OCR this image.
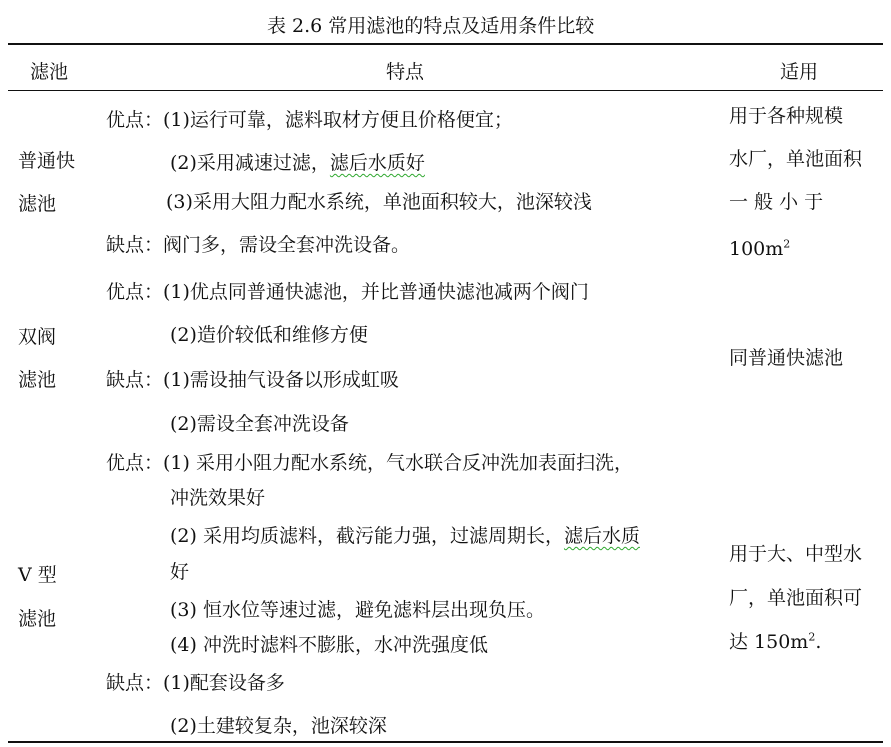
表 2.6 常用滤池的特点及适用条件比较
滤池	特点	适用
普通快
滤池
优点：(1)运行可靠，滤料取材方便且价格便宜；
(2)采用减速过滤，滤后水质好
(3)采用大阻力配水系统，单池面积较大，池深较浅
缺点：阀门多，需设全套冲洗设备。
用于各种规模
水厂，单池面积
一 般 小 于
$100m^2$
双阀
滤池
优点：(1)优点同普通快滤池，并比普通快滤池减两个阀门
(2)造价较低和维修方便
缺点：(1)需设抽气设备以形成虹吸
(2)需设全套冲洗设备
同普通快滤池
V 型
滤池
优点：(1) 采用小阻力配水系统，气水联合反冲洗加表面扫洗，
冲洗效果好
(2) 采用均质滤料，截污能力强，过滤周期长，滤后水质
好
(3) 恒水位等速过滤，避免滤料层出现负压。
(4) 冲洗时滤料不膨胀，水冲洗强度低
缺点：(1)配套设备多
(2)土建较复杂，池深较深
用于大、中型水
厂，单池面积可
达 $150m^2$.
